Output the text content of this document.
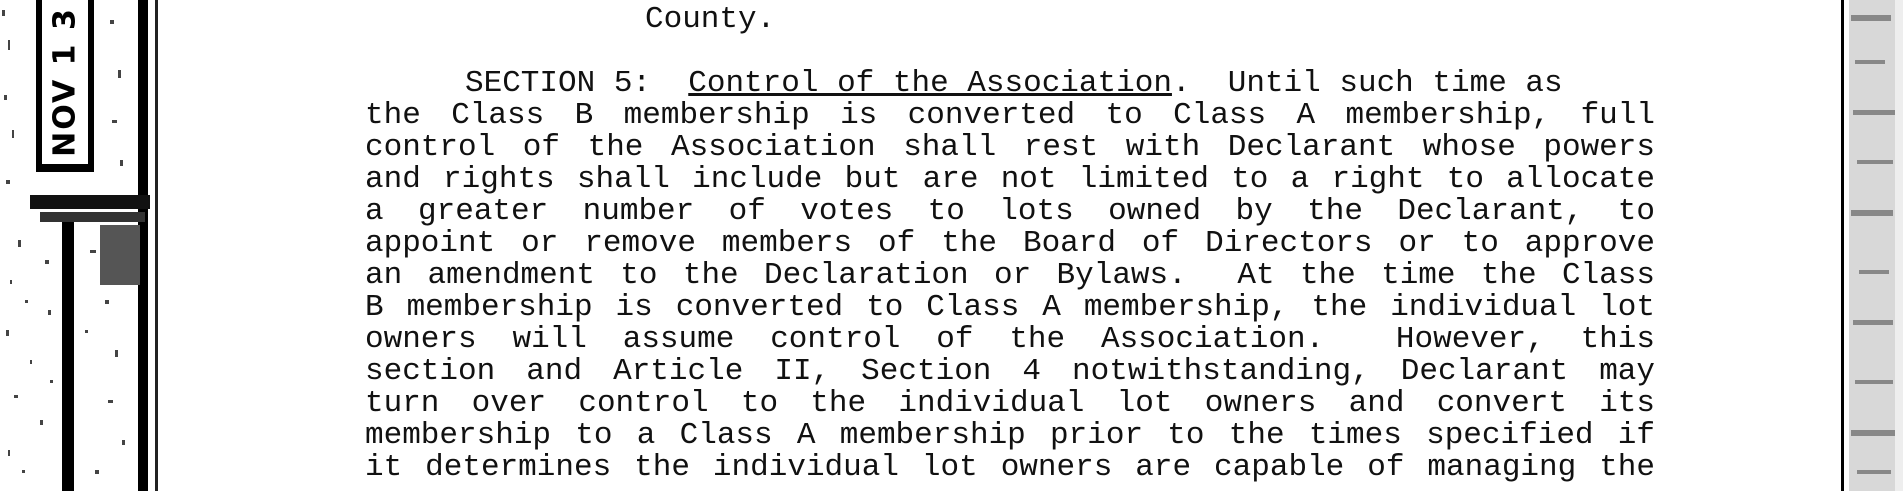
NOV 1 3	County.
SECTION 5: Control of the Association.  Until such time as
the Class B membership is converted to Class A membership, full
control of the Association shall rest with Declarant whose powers
and rights shall include but are not limited to a right to allocate
a greater number of votes to lots owned by the Declarant, to
appoint or remove members of the Board of Directors or to approve
an amendment to the Declaration or Bylaws.  At the time the Class
B membership is converted to Class A membership, the individual lot
owners will assume control of the Association.  However, this
section and Article II, Section 4 notwithstanding, Declarant may
turn over control to the individual lot owners and convert its
membership to a Class A membership prior to the times specified if
it determines the individual lot owners are capable of managing the
